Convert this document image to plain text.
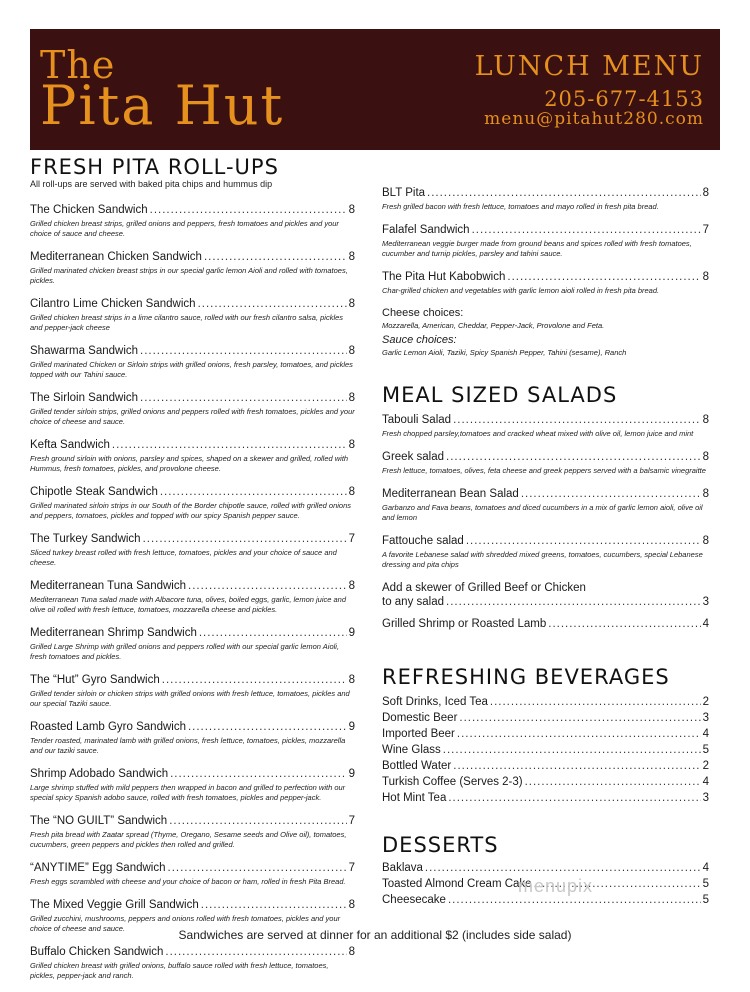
The

Pita Hut

LUNCH MENU

205-677-4153

menu@pitahut280.com

FRESH PITA ROLL-UPS

All roll-ups are served with baked pita chips and hummus dip

The Chicken Sandwich . . .	8
Grilled chicken breast strips, grilled onions and peppers, fresh tomatoes and pickles and your choice of sauce and cheese.
Mediterranean Chicken Sandwich . . .	8
Grilled marinated chicken breast strips in our special garlic lemon Aioli and rolled with tomatoes, pickles.
Cilantro Lime Chicken Sandwich . . .	8
Grilled chicken breast strips in a lime cilantro sauce, rolled with our fresh cilantro salsa, pickles and pepper-jack cheese
Shawarma Sandwich . . .	8
Grilled marinated Chicken or Sirloin strips with grilled onions, fresh parsley, tomatoes, and pickles topped with our Tahini sauce.
The Sirloin Sandwich . . .	8
Grilled tender sirloin strips, grilled onions and peppers rolled with fresh tomatoes, pickles and your choice of cheese and sauce.
Kefta Sandwich . . .	8
Fresh ground sirloin with onions, parsley and spices, shaped on a skewer and grilled, rolled with Hummus, fresh tomatoes, pickles, and provolone cheese.
Chipotle Steak Sandwich . . .	8
Grilled marinated sirloin strips in our South of the Border chipotle sauce, rolled with grilled onions and peppers, tomatoes, pickles and topped with our spicy Spanish pepper sauce.
The Turkey Sandwich . . .	7
Sliced turkey breast rolled with fresh lettuce, tomatoes, pickles and your choice of sauce and cheese.
Mediterranean Tuna Sandwich . . .	8
Mediterranean Tuna salad made with Albacore tuna, olives, boiled eggs, garlic, lemon juice and olive oil rolled with fresh lettuce, tomatoes, mozzarella cheese and pickles.
Mediterranean Shrimp Sandwich . . .	9
Grilled Large Shrimp with grilled onions and peppers rolled with our special garlic lemon Aioli, fresh tomatoes and pickles.
The “Hut” Gyro Sandwich . . .	8
Grilled tender sirloin or chicken strips with grilled onions with fresh lettuce, tomatoes, pickles and our special Taziki sauce.
Roasted Lamb Gyro Sandwich . . .	9
Tender roasted, marinated lamb with grilled onions, fresh lettuce, tomatoes, pickles, mozzarella and our taziki sauce.
Shrimp Adobado Sandwich . . .	9
Large shrimp stuffed with mild peppers then wrapped in bacon and grilled to perfection with our special spicy Spanish adobo sauce, rolled with fresh tomatoes, pickles and pepper-jack.
The “NO GUILT” Sandwich . . .	7
Fresh pita bread with Zaatar spread (Thyme, Oregano, Sesame seeds and Olive oil), tomatoes, cucumbers, green peppers and pickles then rolled and grilled.
“ANYTIME” Egg Sandwich . . .	7
Fresh eggs scrambled with cheese and your choice of bacon or ham, rolled in fresh Pita Bread.
The Mixed Veggie Grill Sandwich . . .	8
Grilled zucchini, mushrooms, peppers and onions rolled with fresh tomatoes, pickles and your choice of cheese and sauce.
Buffalo Chicken Sandwich . . .	8
Grilled chicken breast with grilled onions, buffalo sauce rolled with fresh lettuce, tomatoes, pickles, pepper-jack and ranch.
BLT Pita . . .	8
Fresh grilled bacon with fresh lettuce, tomatoes and mayo rolled in fresh pita bread.
Falafel Sandwich . . .	7
Mediterranean veggie burger made from ground beans and spices rolled with fresh tomatoes, cucumber and turnip pickles, parsley and tahini sauce.
The Pita Hut Kabobwich . . .	8
Char-grilled chicken and vegetables with garlic lemon aioli rolled in fresh pita bread.

Cheese choices:

Mozzarella, American, Cheddar, Pepper-Jack, Provolone and Feta.

Sauce choices:

Garlic Lemon Aioli, Taziki, Spicy Spanish Pepper, Tahini (sesame), Ranch

MEAL SIZED SALADS
Tabouli Salad . . .	8
Fresh chopped parsley,tomatoes and cracked wheat mixed with olive oil, lemon juice and mint
Greek salad . . .	8
Fresh lettuce, tomatoes, olives, feta cheese and greek peppers served with a balsamic vinegraitte
Mediterranean Bean Salad . . .	8
Garbanzo and Fava beans, tomatoes and diced cucumbers in a mix of garlic lemon aioli, olive oil and lemon
Fattouche salad . . .	8
A favorite Lebanese salad with shredded mixed greens, tomatoes, cucumbers, special Lebanese dressing and pita chips
Add a skewer of Grilled Beef or Chicken
to any salad . . .	3
Grilled Shrimp or Roasted Lamb . . .	4
REFRESHING BEVERAGES
Soft Drinks, Iced Tea . . .	2
Domestic Beer . . .	3
Imported Beer . . .	4
Wine Glass . . .	5
Bottled Water . . .	2
Turkish Coffee (Serves 2-3) . . .	4
Hot Mint Tea . . .	3
DESSERTS
Baklava . . .	4
Toasted Almond Cream Cake . . .	5
Cheesecake . . .	5

menupix

Sandwiches are served at dinner for an additional $2 (includes side salad)
